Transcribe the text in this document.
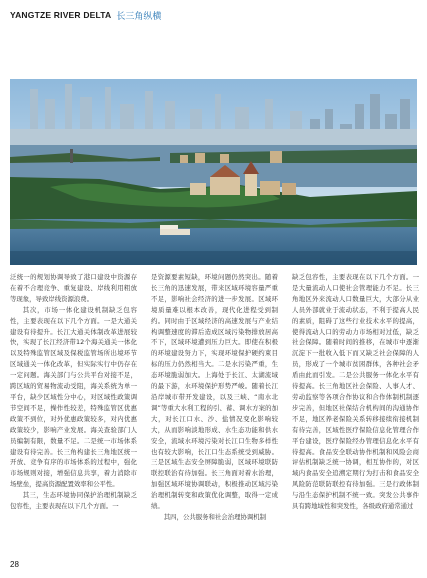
YANGTZE RIVER DELTA 长三角纵横

泛统一的规划协调导致了港口建设中资源存在着不合理竞争、重复建设、岸线利用粗放等现象，导致岸线资源浪费。

其次，市场一体化建设机制缺乏包容性，主要表现在以下几个方面。一是大通关建设有待提升。长江大通关体制改革进展较快，实现了长江经济带12个海关通关一体化以及特殊监管区域及保税监管场所出境环节区域通关一体化改革，但实际实行中仍存在一定问题。海关部门与公共平台对接不足，跨区域的贸易物流动受阻，海关系统为单一平台，缺少区域性分中心，对区域性政策调节空间不足，操作性较差，特殊监管区优惠政策不到位，对外优惠政策较多，对内优惠政策较少，影响产业发展。海关查验部门人员编制有限，数量不足。二是统一市场体系建设有待完善。长三角构建长三角地区统一开放、竞争有序的市场体系的过程中，强化市场规则对接，增强信息共享，着力消除市场壁垒，提高资源配置效率和公平性。

其三，生态环境协同保护治理机制缺乏包容性，主要表现在以下几个方面。一

是资源要素短缺，环境问题仍然突出。随着长三角的迅速发展，带来区域环境容量严重不足，影响社会经济的进一步发展。区域环境质量难以根本改善，现代化进程受到制约。同时由于区域经济的高速发展与产业结构调整速度的滞后造成区域污染物排放居高不下，区域环境遭到压力巨大。即使在积极的环境建设努力下，实现环境保护硬约束目标的压力仍然相当大。二是水污染严重，生态环境脆弱加大。上海处于长江、太湖流域的最下游，水环境保护形势严峻。随着长江沿岸城市带开发建设，以及三峡、“南水北调”等重大水利工程的引、蓄、调水方案的加大，对长江口水、沙、盐情况变化影响较大，从而影响淡地形成、水生态功能和供水安全，流域水环境污染对长江口生物多样性也有较大影响，长江口生态系统受到威胁。三是区域生态安全屏障脆弱，区域环境联防联控联治有待加强。长三角面对着水治理，加强区域环境协调联动，积极推动区域污染治理机制转变和政策优化调整，取得一定成绩。

其四，公共服务和社会治理协调机制

缺乏包容性，主要表现在以下几个方面。一是大量流动人口使社会管理能力不足。长三角地区外来流动人口数量巨大，大部分从业人员外部就业于流动状态，不利于提高人民的素质，阻碍了这些行业技术水平的提高，使得流动人口的劳动力市场相对过低，缺乏社会保障。随着时间的推移，在城市中逐渐沉淀下一批收入低下而又缺乏社会保障的人员，形成了一个城市贫困群体，各种社会矛盾由此而引发。二是公共服务一体化水平有待提高。长三角地区社会保险、人事人才、劳动监察等各项合作协议和合作体制机制逐步完善，但地区社保结合机构间的沟通协作不足，地区养老保险关系转移接续衔接机制有待完善，区域性医疗保险信息化管理合作平台建设，医疗保险经办管理信息化水平有待提高。食品安全联动协作机制和风险会商评估机制缺乏统一协调，相互协作的，对区域内食品安全追溯定期行为打击和食品安全风险防范联防联控有待加强。三是行政体制与沿生态保护机制不统一致。突发公共事件具有跨地域性和突发性，各级政府通常通过

28
